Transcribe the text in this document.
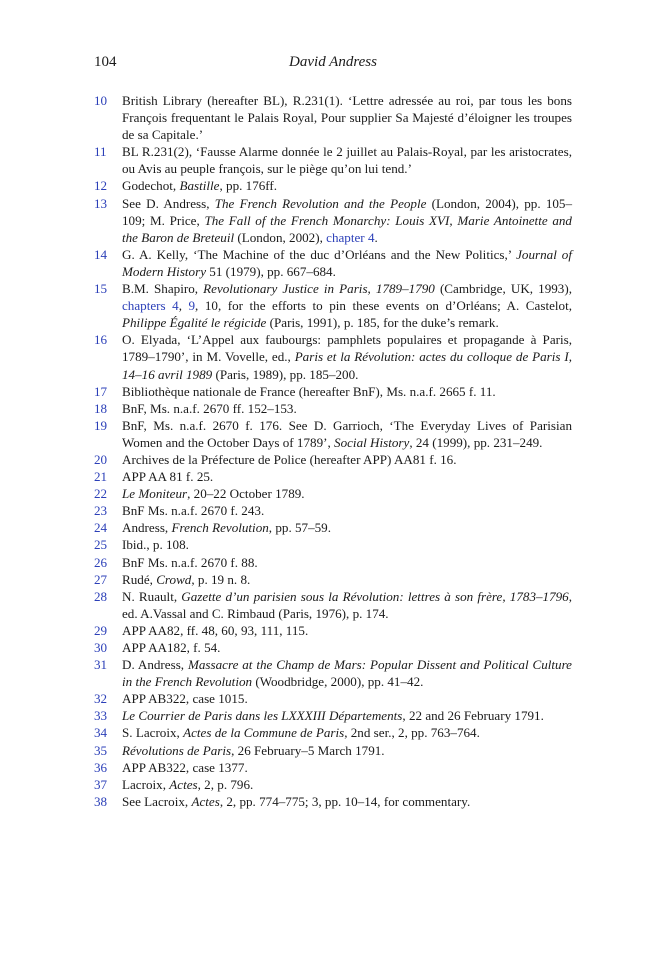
104	David Andress
10	British Library (hereafter BL), R.231(1). ‘Lettre adressée au roi, par tous les bons François frequentant le Palais Royal, Pour supplier Sa Majesté d’éloigner les troupes de sa Capitale.’
11	BL R.231(2), ‘Fausse Alarme donnée le 2 juillet au Palais-Royal, par les aristocrates, ou Avis au peuple françois, sur le piège qu’on lui tend.’
12	Godechot, Bastille, pp. 176ff.
13	See D. Andress, The French Revolution and the People (London, 2004), pp. 105–109; M. Price, The Fall of the French Monarchy: Louis XVI, Marie Antoinette and the Baron de Breteuil (London, 2002), chapter 4.
14	G. A. Kelly, ‘The Machine of the duc d’Orléans and the New Politics,’ Journal of Modern History 51 (1979), pp. 667–684.
15	B.M. Shapiro, Revolutionary Justice in Paris, 1789–1790 (Cambridge, UK, 1993), chapters 4, 9, 10, for the efforts to pin these events on d’Orléans; A. Castelot, Philippe Égalité le régicide (Paris, 1991), p. 185, for the duke’s remark.
16	O. Elyada, ‘L’Appel aux faubourgs: pamphlets populaires et propagande à Paris, 1789–1790’, in M. Vovelle, ed., Paris et la Révolution: actes du colloque de Paris I, 14–16 avril 1989 (Paris, 1989), pp. 185–200.
17	Bibliothèque nationale de France (hereafter BnF), Ms. n.a.f. 2665 f. 11.
18	BnF, Ms. n.a.f. 2670 ff. 152–153.
19	BnF, Ms. n.a.f. 2670 f. 176. See D. Garrioch, ‘The Everyday Lives of Parisian Women and the October Days of 1789’, Social History, 24 (1999), pp. 231–249.
20	Archives de la Préfecture de Police (hereafter APP) AA81 f. 16.
21	APP AA 81 f. 25.
22	Le Moniteur, 20–22 October 1789.
23	BnF Ms. n.a.f. 2670 f. 243.
24	Andress, French Revolution, pp. 57–59.
25	Ibid., p. 108.
26	BnF Ms. n.a.f. 2670 f. 88.
27	Rudé, Crowd, p. 19 n. 8.
28	N. Ruault, Gazette d’un parisien sous la Révolution: lettres à son frère, 1783–1796, ed. A.Vassal and C. Rimbaud (Paris, 1976), p. 174.
29	APP AA82, ff. 48, 60, 93, 111, 115.
30	APP AA182, f. 54.
31	D. Andress, Massacre at the Champ de Mars: Popular Dissent and Political Culture in the French Revolution (Woodbridge, 2000), pp. 41–42.
32	APP AB322, case 1015.
33	Le Courrier de Paris dans les LXXXIII Départements, 22 and 26 February 1791.
34	S. Lacroix, Actes de la Commune de Paris, 2nd ser., 2, pp. 763–764.
35	Révolutions de Paris, 26 February–5 March 1791.
36	APP AB322, case 1377.
37	Lacroix, Actes, 2, p. 796.
38	See Lacroix, Actes, 2, pp. 774–775; 3, pp. 10–14, for commentary.
